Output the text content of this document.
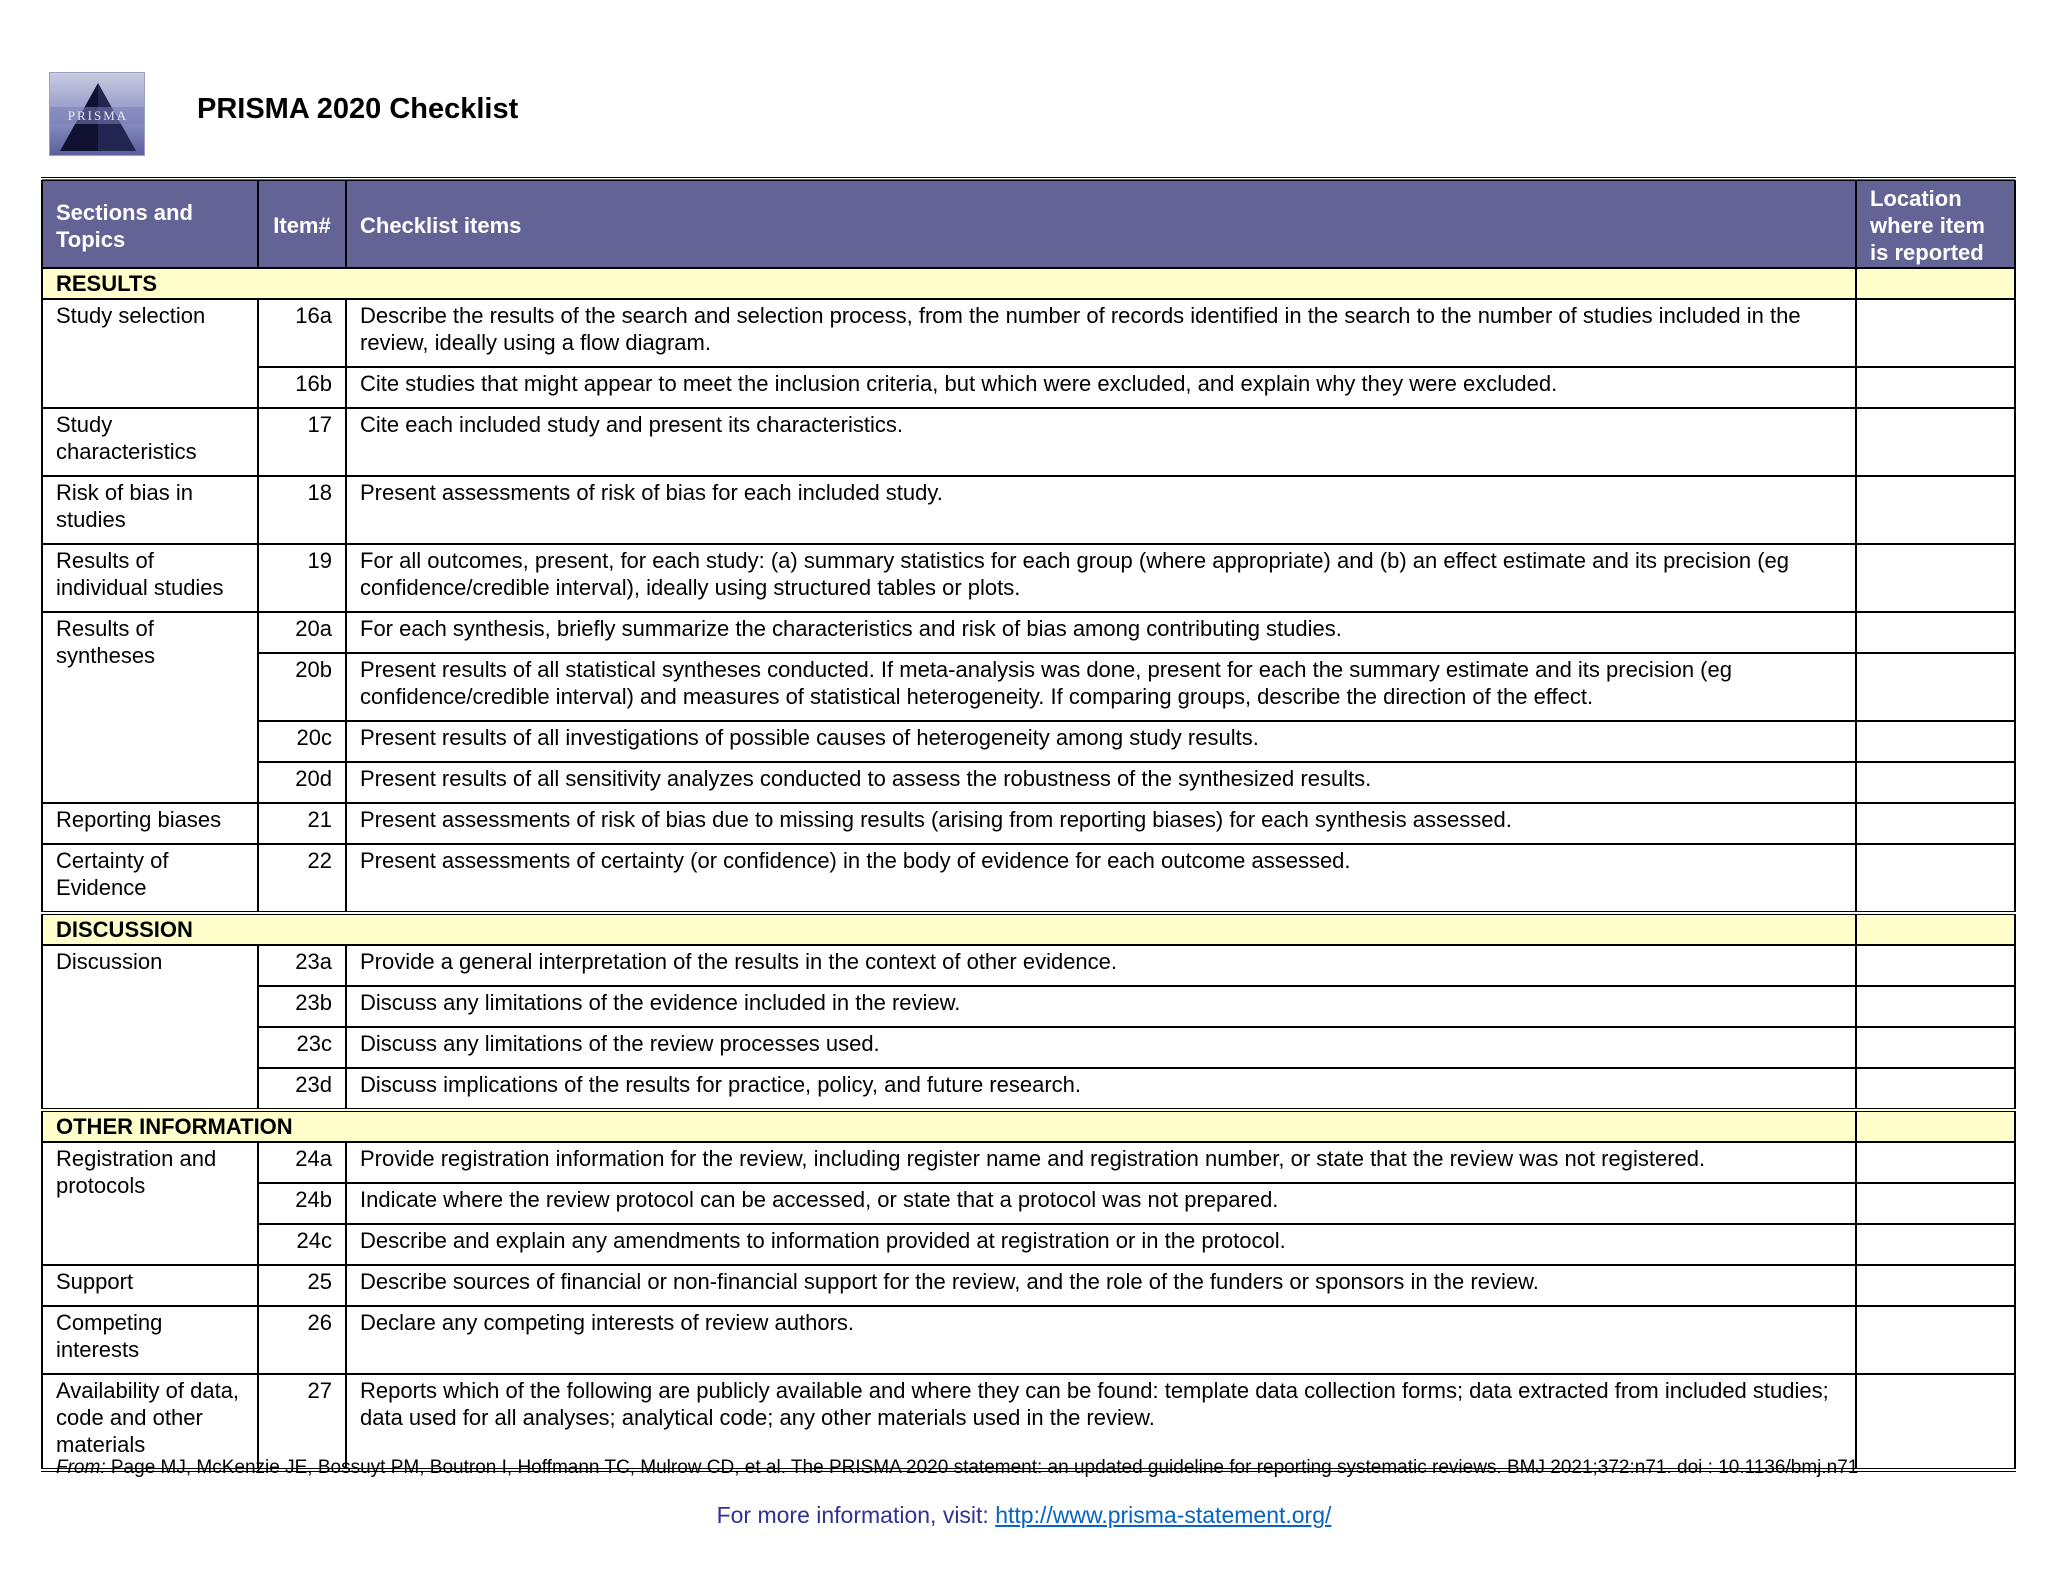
PRISMA PRISMA 2020 Checklist
Sections and Topics	Item#	Checklist items	Location where item is reported
RESULTS			
Study selection	16a	Describe the results of the search and selection process, from the number of records identified in the search to the number of studies included in the review, ideally using a flow diagram.	
	16b	Cite studies that might appear to meet the inclusion criteria, but which were excluded, and explain why they were excluded.	
Study characteristics	17	Cite each included study and present its characteristics.	
Risk of bias in studies	18	Present assessments of risk of bias for each included study.	
Results of individual studies	19	For all outcomes, present, for each study: (a) summary statistics for each group (where appropriate) and (b) an effect estimate and its precision (eg confidence/credible interval), ideally using structured tables or plots.	
Results of syntheses	20a	For each synthesis, briefly summarize the characteristics and risk of bias among contributing studies.	
	20b	Present results of all statistical syntheses conducted. If meta-analysis was done, present for each the summary estimate and its precision (eg confidence/credible interval) and measures of statistical heterogeneity. If comparing groups, describe the direction of the effect.	
	20c	Present results of all investigations of possible causes of heterogeneity among study results.	
	20d	Present results of all sensitivity analyzes conducted to assess the robustness of the synthesized results.	
Reporting biases	21	Present assessments of risk of bias due to missing results (arising from reporting biases) for each synthesis assessed.	
Certainty of Evidence	22	Present assessments of certainty (or confidence) in the body of evidence for each outcome assessed.	
DISCUSSION			
Discussion	23a	Provide a general interpretation of the results in the context of other evidence.	
	23b	Discuss any limitations of the evidence included in the review.	
	23c	Discuss any limitations of the review processes used.	
	23d	Discuss implications of the results for practice, policy, and future research.	
OTHER INFORMATION			
Registration and protocols	24a	Provide registration information for the review, including register name and registration number, or state that the review was not registered.	
	24b	Indicate where the review protocol can be accessed, or state that a protocol was not prepared.	
	24c	Describe and explain any amendments to information provided at registration or in the protocol.	
Support	25	Describe sources of financial or non-financial support for the review, and the role of the funders or sponsors in the review.	
Competing interests	26	Declare any competing interests of review authors.	
Availability of data, code and other materials	27	Reports which of the following are publicly available and where they can be found: template data collection forms; data extracted from included studies; data used for all analyses; analytical code; any other materials used in the review.	

From: Page MJ, McKenzie JE, Bossuyt PM, Boutron I, Hoffmann TC, Mulrow CD, et al. The PRISMA 2020 statement: an updated guideline for reporting systematic reviews. BMJ 2021;372:n71. doi : 10.1136/bmj.n71

For more information, visit: http://www.prisma-statement.org/
